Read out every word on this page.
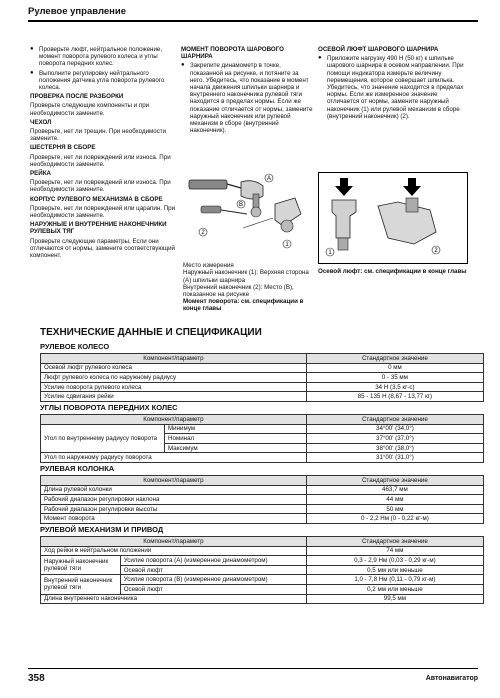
Рулевое управление

● Проверьте люфт, нейтральное положение, момент поворота рулевого колеса и углы поворота передних колес.

● Выполните регулировку нейтрального положения датчика угла поворота рулевого колеса.

ПРОВЕРКА ПОСЛЕ РАЗБОРКИ

Проверьте следующие компоненты и при необходимости замените.

ЧЕХОЛ

Проверьте, нет ли трещин. При необходимости замените.

ШЕСТЕРНЯ В СБОРЕ

Проверьте, нет ли повреждений или износа. При необходимости замените.

РЕЙКА

Проверьте, нет ли повреждений или износа. При необходимости замените.

КОРПУС РУЛЕВОГО МЕХАНИЗМА В СБОРЕ

Проверьте, нет ли повреждений или царапин. При необходимости замените.

НАРУЖНЫЕ И ВНУТРЕННИЕ НАКОНЕЧНИКИ РУЛЕВЫХ ТЯГ

Проверьте следующие параметры. Если они отличаются от нормы, замените соответствующий компонент.

МОМЕНТ ПОВОРОТА ШАРОВОГО ШАРНИРА

● Закрепите динамометр в точке, показанной на рисунке, и потяните за него. Убедитесь, что показание в момент начала движения шпильки шарнира и внутреннего наконечника рулевой тяги находится в пределах нормы. Если же показание отличается от нормы, замените наружный наконечник или рулевой механизм в сборе (внутренний наконечник).

B
A
2
1

Место измерения
Наружный наконечник (1): Верхняя сторона (А) шпильки шарнира
Внутренний наконечник (2): Место (В), показанное на рисунке

Момент поворота: см. спецификации в конце главы

ОСЕВОЙ ЛЮФТ ШАРОВОГО ШАРНИРА

● Приложите нагрузку 490 Н (50 кг) к шпильке шарового шарнира в осевом направлении. При помощи индикатора измерьте величину перемещения, которое совершает шпилька. Убедитесь, что значение находится в пределах нормы. Если же измеренное значение отличается от нормы, замените наружный наконечник (1) или рулевой механизм в сборе (внутренний наконечник) (2).

1	2
Осевой люфт: см. спецификации в конце главы
ТЕХНИЧЕСКИЕ ДАННЫЕ И СПЕЦИФИКАЦИИ
РУЛЕВОЕ КОЛЕСО
Компонент/параметр	Стандартное значение
Осевой люфт рулевого колеса	0 мм
Люфт рулевого колеса по наружному радиусу	0 - 35 мм
Усилие поворота рулевого колеса	34 Н (3,5 кг-с)
Усилие сдвигания рейки	85 - 135 Н (8,67 - 13,77 кг)
УГЛЫ ПОВОРОТА ПЕРЕДНИХ КОЛЕС
Компонент/параметр		Стандартное значение
Угол по внутреннему радиусу поворота	Минимум	34°00' (34,0°)
	Номинал	37°00' (37,0°)
	Максимум	38°00' (38,0°)
Угол по наружному радиусу поворота		31°00' (31,0°)
РУЛЕВАЯ КОЛОНКА
Компонент/параметр	Стандартное значение
Длина рулевой колонки	463,7 мм
Рабочий диапазон регулировки наклона	44 мм
Рабочий диапазон регулировки высоты	50 мм
Момент поворота	0 - 2,2 Нм (0 - 0,22 кг-м)
РУЛЕВОЙ МЕХАНИЗМ И ПРИВОД
Компонент/параметр		Стандартное значение
Ход рейки в нейтральном положении		74 мм
Наружный наконечник рулевой тяги	Усилие поворота (А) (измеренное динамометром)	0,3 - 2,9 Нм (0,03 - 0,29 кг-м)
	Осевой люфт	0,5 мм или меньше
Внутренний наконечник рулевой тяги	Усилие поворота (В) (измеренное динамометром)	1,0 - 7,8 Нм (0,11 - 0,79 кг-м)
	Осевой люфт	0,2 мм или меньше
Длина внутреннего наконечника		99,5 мм
358	Автонавигатор
